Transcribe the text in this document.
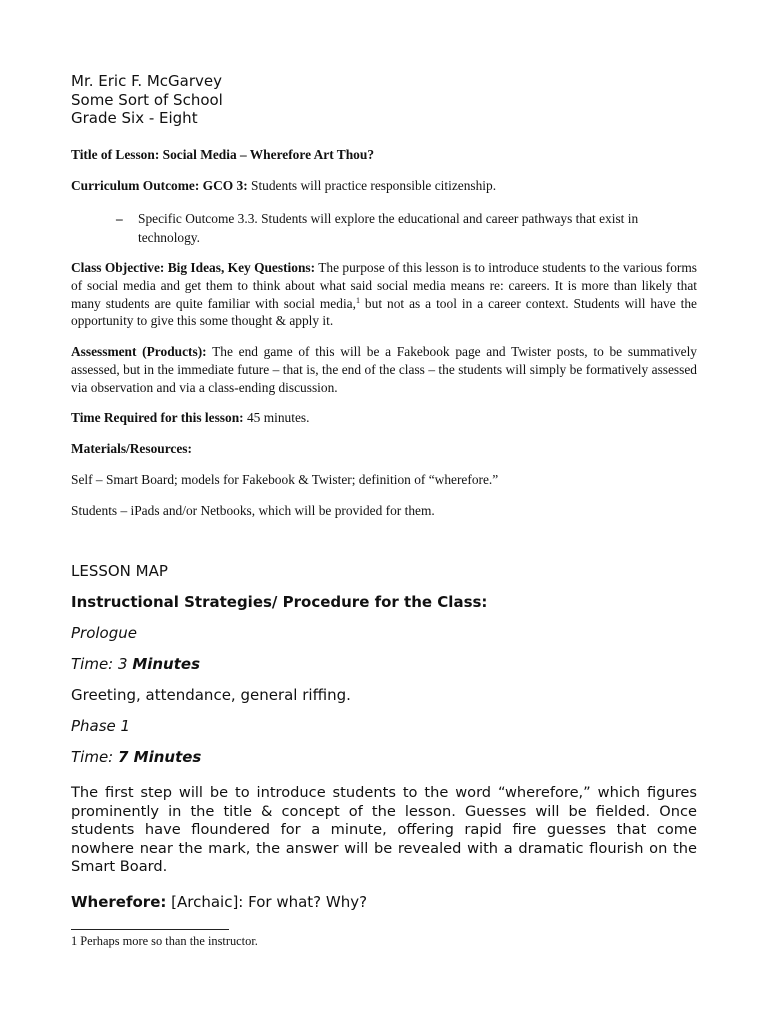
Mr. Eric F. McGarvey
Some Sort of School
Grade Six - Eight

Title of Lesson: Social Media – Wherefore Art Thou?

Curriculum Outcome: GCO 3: Students will practice responsible citizenship.

– Specific Outcome 3.3. Students will explore the educational and career pathways that exist in technology.

Class Objective: Big Ideas, Key Questions: The purpose of this lesson is to introduce students to the various forms of social media and get them to think about what said social media means re: careers. It is more than likely that many students are quite familiar with social media,$^1$ but not as a tool in a career context. Students will have the opportunity to give this some thought & apply it.

Assessment (Products): The end game of this will be a Fakebook page and Twister posts, to be summatively assessed, but in the immediate future – that is, the end of the class – the students will simply be formatively assessed via observation and via a class-ending discussion.

Time Required for this lesson: 45 minutes.

Materials/Resources:

Self – Smart Board; models for Fakebook & Twister; definition of “wherefore.”

Students – iPads and/or Netbooks, which will be provided for them.

LESSON MAP
Instructional Strategies/ Procedure for the Class:
Prologue
Time: 3 Minutes
Greeting, attendance, general riffing.
Phase 1
Time: 7 Minutes

The first step will be to introduce students to the word “wherefore,” which figures prominently in the title & concept of the lesson. Guesses will be fielded. Once students have floundered for a minute, offering rapid fire guesses that come nowhere near the mark, the answer will be revealed with a dramatic flourish on the Smart Board.

Wherefore: [Archaic]: For what? Why?
1 Perhaps more so than the instructor.
